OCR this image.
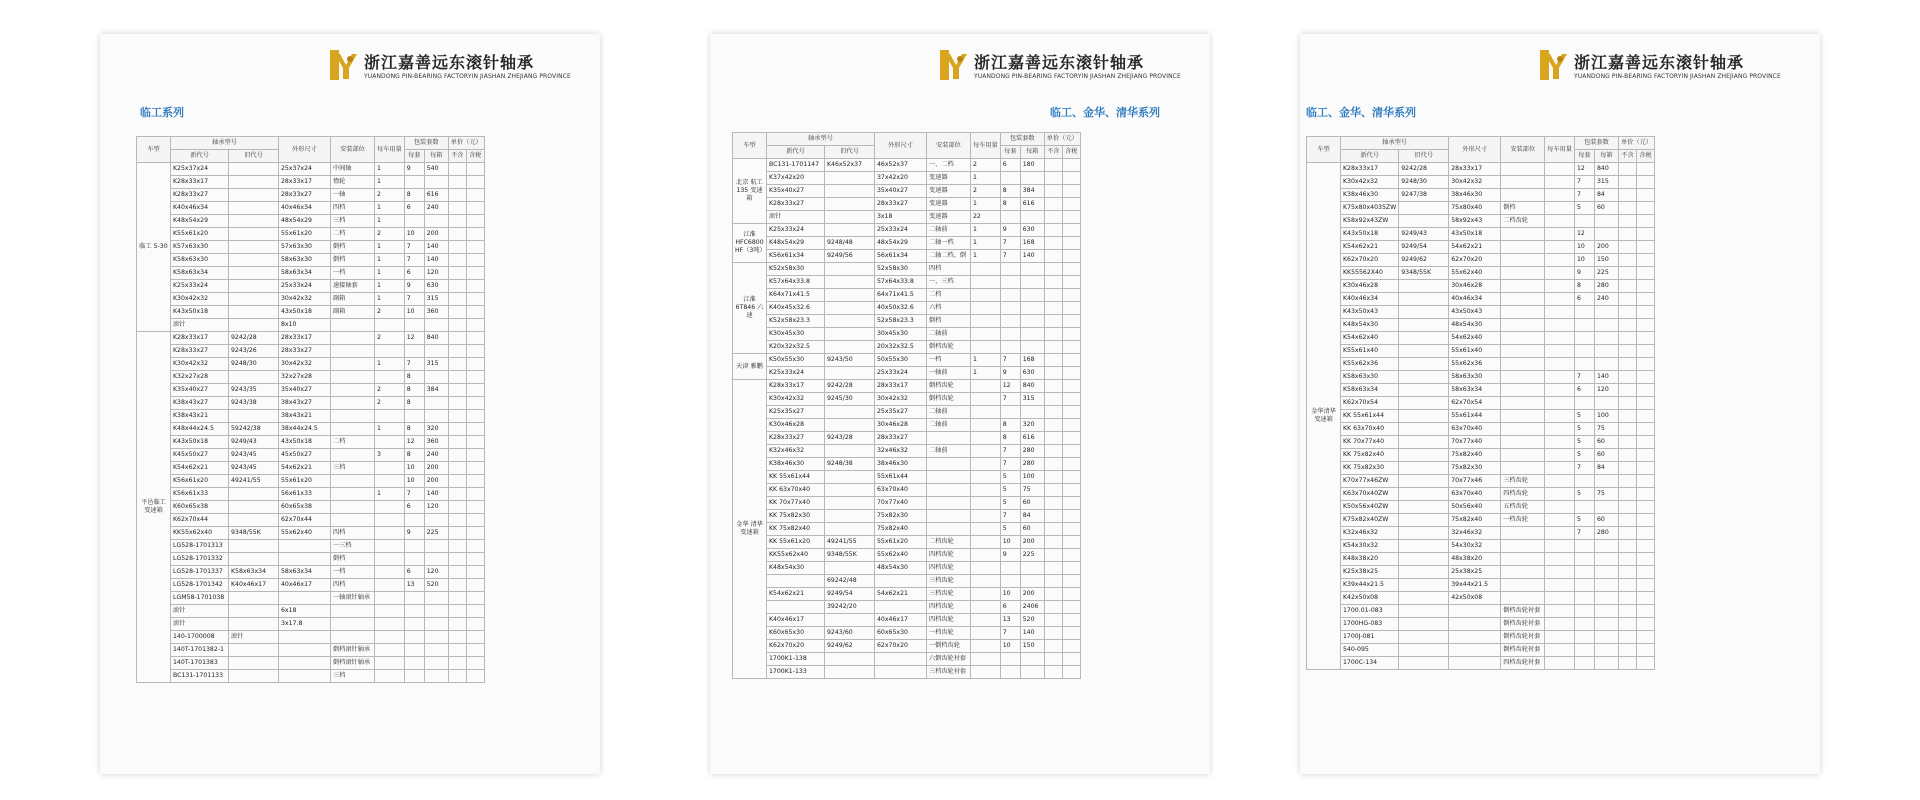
浙江嘉善远东滚针轴承
YUANDONG PIN-BEARING FACTORYIN JIASHAN ZHEJIANG PROVINCE
临工系列
车型	轴承型号		外形尺寸	安装部位	每车用量	包装套数		单价（元）	
	新代号	旧代号				每套	每箱	不含	含税
临工 5-30	K25x37x24		25x37x24	中间轴	1	9	540		
	K28x33x17		28x33x17	惰轮	1				
	K28x33x27		28x33x27	一轴	2	8	616		
	K40x46x34		40x46x34	四档	1	6	240		
	K48x54x29		48x54x29	三档	1				
	K55x61x20		55x61x20	二档	2	10	200		
	K57x63x30		57x63x30	倒档	1	7	140		
	K58x63x30		58x63x30	倒档	1	7	140		
	K58x63x34		58x63x34	一档	1	6	120		
	K25x33x24		25x33x24	速接轴套	1	9	630		
	K30x42x32		30x42x32	副箱	1	7	315		
	K43x50x18		43x50x18	副箱	2	10	360		
	滚针		8x10						
平邑临工 变速箱	K28x33x17	9242/28	28x33x17		2	12	840		
	K28x33x27	9243/26	28x33x27						
	K30x42x32	9248/30	30x42x32		1	7	315		
	K32x27x28		32x27x28			8			
	K35x40x27	9243/35	35x40x27		2	8	384		
	K38x43x27	9243/38	38x43x27		2	8			
	K38x43x21		38x43x21						
	K48x44x24.5	59242/38	38x44x24.5		1	8	320		
	K43x50x18	9249/43	43x50x18	二档		12	360		
	K45x50x27	9243/45	45x50x27		3	8	240		
	K54x62x21	9243/45	54x62x21	三档		10	200		
	K56x61x20	49241/55	55x61x20			10	200		
	K56x61x33		56x61x33		1	7	140		
	K60x65x38		60x65x38			6	120		
	K62x70x44		62x70x44						
	KK55x62x40	9348/55K	55x62x40	四档		9	225		
	LG528-1701313			一三档					
	LG528-1701332			倒档					
	LG528-1701337	K58x63x34	58x63x34	一档		6	120		
	LG528-1701342	K40x46x17	40x46x17	四档		13	520		
	LGM58-1701038			一轴滚针轴承					
	滚针		6x18						
	滚针		3x17.8						
	140-1700008	滚针							
	140T-1701382-1			倒档滚针轴承					
	140T-1701383			倒档滚针轴承					
	BC131-1701133			三档					
浙江嘉善远东滚针轴承
YUANDONG PIN-BEARING FACTORYIN JIASHAN ZHEJIANG PROVINCE
临工、金华、清华系列
车型	轴承型号		外形尺寸	安装部位	每车用量	包装套数		单价（元）	
	新代号	旧代号				每套	每箱	不含	含税
北京 航工 135 变速箱	BC131-1701147	K46x52x37	46x52x37	一、二档	2	6	180		
	K37x42x20		37x42x20	变速器	1				
	K35x40x27		35x40x27	变速器	2	8	384		
	K28x33x27		28x33x27	变速器	1	8	616		
	滚针		3x18	变速器	22				
江淮 HFC6800 HF（3吨）	K25x33x24		25x33x24	二轴前	1	9	630		
	K48x54x29	9248/48	48x54x29	二轴一档	1	7	168		
	K56x61x34	9249/56	56x61x34	二轴二档、倒	1	7	140		
江淮 6T846 六速	K52x58x30		52x58x30	四档					
	K57x64x33.8		57x64x33.8	一、三档					
	K64x71x41.5		64x71x41.5	二档					
	K40x45x32.6		40x50x32.6	六档					
	K52x58x23.3		52x58x23.3	倒档					
	K30x45x30		30x45x30	二轴前					
	K20x32x32.5		20x32x32.5	倒档齿轮					
天津 雅鹏	K50x55x30	9243/50	50x55x30	一档	1	7	168		
	K25x33x24		25x33x24	一轴前	1	9	630		
金华 清华 变速箱	K28x33x17	9242/28	28x33x17	倒档齿轮		12	840		
	K30x42x32	9245/30	30x42x32	倒档齿轮		7	315		
	K25x35x27		25x35x27	二轴前					
	K30x46x28		30x46x28	二轴前		8	320		
	K28x33x27	9243/28	28x33x27			8	616		
	K32x46x32		32x46x32	二轴前		7	280		
	K38x46x30	9248/38	38x46x30			7	280		
	KK 55x61x44		55x61x44			5	100		
	KK 63x70x40		63x70x40			5	75		
	KK 70x77x40		70x77x40			5	60		
	KK 75x82x30		75x82x30			7	84		
	KK 75x82x40		75x82x40			5	60		
	KK 55x61x20	49241/55	55x61x20	二档齿轮		10	200		
	KK55x62x40	9348/55K	55x62x40	四档齿轮		9	225		
	K48x54x30		48x54x30	四档齿轮					
		69242/48		三档齿轮					
	K54x62x21	9249/54	54x62x21	三档齿轮		10	200		
		39242/20		四档齿轮		6	2406		
	K40x46x17		40x46x17	四档齿轮		13	520		
	K60x65x30	9243/60	60x65x30	一档齿轮		7	140		
	K62x70x20	9249/62	62x70x20	一倒档齿轮		10	150		
	1700K1-138			六倒齿轮衬套					
	1700K1-133			三档齿轮衬套					
浙江嘉善远东滚针轴承
YUANDONG PIN-BEARING FACTORYIN JIASHAN ZHEJIANG PROVINCE
临工、金华、清华系列
车型	轴承型号		外形尺寸	安装部位	每车用量	包装套数		单价（元）	
	新代号	旧代号				每套	每箱	不含	含税
金华清华 变速箱	K28x33x17	9242/28	28x33x17			12	840		
	K30x42x32	9248/30	30x42x32			7	315		
	K38x46x30	9247/38	38x46x30			7	84		
	K75x80x4035ZW		75x80x40	倒档		5	60		
	K58x92x43ZW		58x92x43	二档齿轮					
	K43x50x18	9249/43	43x50x18			12			
	K54x62x21	9249/54	54x62x21			10	200		
	K62x70x20	9249/62	62x70x20			10	150		
	KK55562X40	9348/55K	55x62x40			9	225		
	K30x46x28		30x46x28			8	280		
	K40x46x34		40x46x34			6	240		
	K43x50x43		43x50x43						
	K48x54x30		48x54x30						
	K54x62x40		54x62x40						
	K55x61x40		55x61x40						
	K55x62x36		55x62x36						
	K58x63x30		58x63x30			7	140		
	K58x63x34		58x63x34			6	120		
	K62x70x54		62x70x54						
	KK 55x61x44		55x61x44			5	100		
	KK 63x70x40		63x70x40			5	75		
	KK 70x77x40		70x77x40			5	60		
	KK 75x82x40		75x82x40			5	60		
	KK 75x82x30		75x82x30			7	84		
	K70x77x46ZW		70x77x46	三档齿轮					
	K63x70x40ZW		63x70x40	四档齿轮		5	75		
	K50x56x40ZW		50x56x40	五档齿轮					
	K75x82x40ZW		75x82x40	一档齿轮		5	60		
	K32x46x32		32x46x32			7	280		
	K54x30x32		54x30x32						
	K48x38x20		48x38x20						
	K25x38x25		25x38x25						
	K39x44x21.5		39x44x21.5						
	K42x50x08		42x50x08						
	1700.01-083			倒档齿轮衬套					
	1700HG-083			倒档齿轮衬套					
	1700J-081			倒档齿轮衬套					
	540-095			倒档齿轮衬套					
	1700C-134			四档齿轮衬套					
